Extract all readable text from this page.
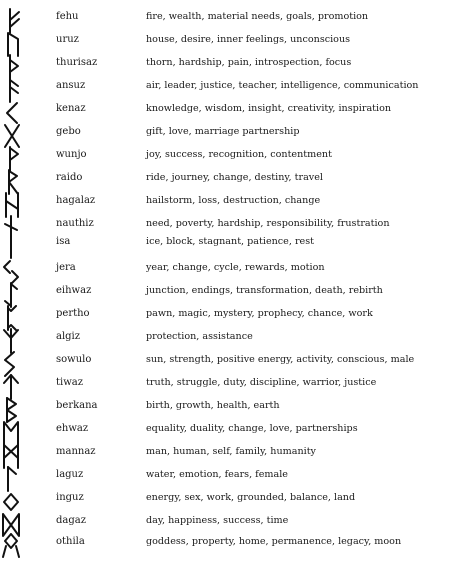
fehu	fire, wealth, material needs, goals, promotion
uruz	house, desire, inner feelings, unconscious
thurisaz	thorn, hardship, pain, introspection, focus
ansuz	air, leader, justice, teacher, intelligence, communication
kenaz	knowledge, wisdom, insight, creativity, inspiration
gebo	gift, love, marriage partnership
wunjo	joy, success, recognition, contentment
raido	ride, journey, change, destiny, travel
hagalaz	hailstorm, loss, destruction, change
nauthiz	need, poverty, hardship, responsibility, frustration
isa	ice, block, stagnant, patience, rest
jera	year, change, cycle, rewards, motion
eihwaz	junction, endings, transformation, death, rebirth
pertho	pawn, magic, mystery, prophecy, chance, work
algiz	protection, assistance
sowulo	sun, strength, positive energy, activity, conscious, male
tiwaz	truth, struggle, duty, discipline, warrior, justice
berkana	birth, growth, health, earth
ehwaz	equality, duality, change, love, partnerships
mannaz	man, human, self, family, humanity
laguz	water, emotion, fears, female
inguz	energy, sex, work, grounded, balance, land
dagaz	day, happiness, success, time
othila	goddess, property, home, permanence, legacy, moon
